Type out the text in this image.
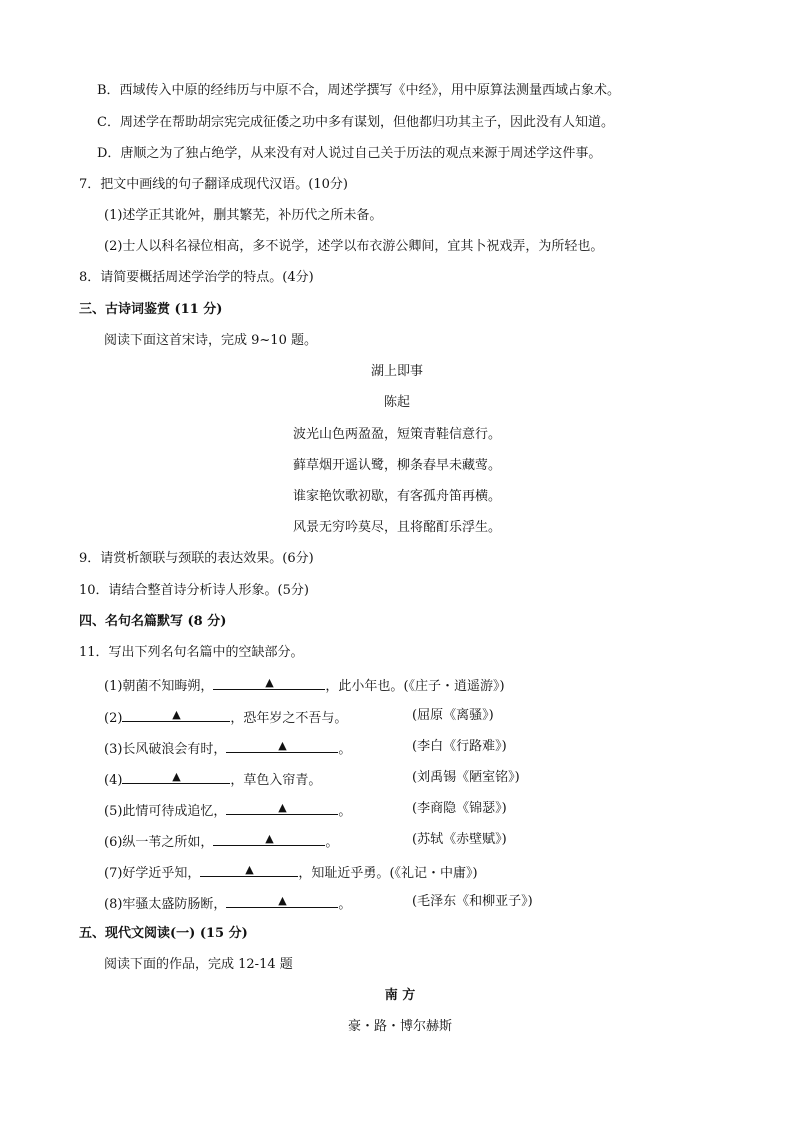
B．西域传入中原的经纬历与中原不合，周述学撰写《中经》，用中原算法测量西域占象术。
C．周述学在帮助胡宗宪完成征倭之功中多有谋划，但他都归功其主子，因此没有人知道。
D．唐顺之为了独占绝学，从来没有对人说过自己关于历法的观点来源于周述学这件事。
7．把文中画线的句子翻译成现代汉语。(10分)
(1)述学正其讹舛，删其繁芜，补历代之所未备。
(2)士人以科名禄位相高，多不说学，述学以布衣游公卿间，宜其卜祝戏弄，为所轻也。
8．请简要概括周述学治学的特点。(4分)
三、古诗词鉴赏 (11 分)
阅读下面这首宋诗，完成 9~10 题。
湖上即事
陈起
波光山色两盈盈，短策青鞋信意行。
藓草烟开遥认鹭，柳条春早未藏莺。
谁家艳饮歌初歇，有客孤舟笛再横。
风景无穷吟莫尽，且将酩酊乐浮生。
9．请赏析颔联与颈联的表达效果。(6分)
10．请结合整首诗分析诗人形象。(5分)
四、名句名篇默写 (8 分)
11．写出下列名句名篇中的空缺部分。
(1)朝菌不知晦朔，	▲	，此小年也。(《庄子・逍遥游》)
(2)	▲	，恐年岁之不吾与。	(屈原《离骚》)
(3)长风破浪会有时，	▲	。	(李白《行路难》)
(4)	▲	，草色入帘青。	(刘禹锡《陋室铭》)
(5)此情可待成追忆，	▲	。	(李商隐《锦瑟》)
(6)纵一苇之所如，	▲	。	(苏轼《赤壁赋》)
(7)好学近乎知，	▲	，知耻近乎勇。(《礼记・中庸》)
(8)牢骚太盛防肠断，	▲	。	(毛泽东《和柳亚子》)
五、现代文阅读(一) (15 分)
阅读下面的作品，完成 12-14 题
南 方
豪・路・博尔赫斯
